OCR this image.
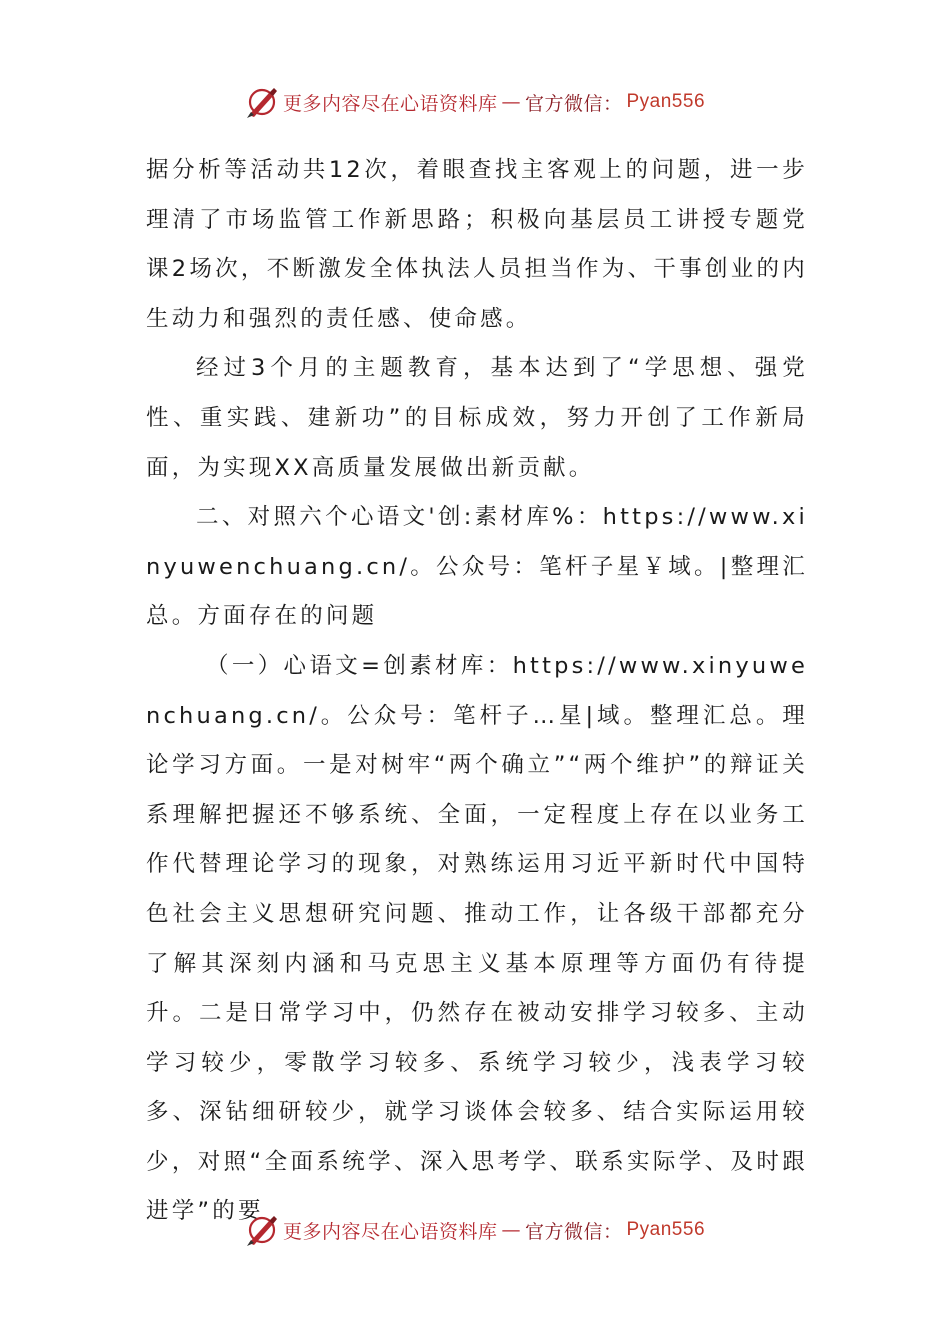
更多内容尽在心语资料库 — 官方微信： Pyan556

据分析等活动共12次，着眼查找主客观上的问题，进一步理清了市场监管工作新思路；积极向基层员工讲授专题党课2场次，不断激发全体执法人员担当作为、干事创业的内生动力和强烈的责任感、使命感。

经过3个月的主题教育，基本达到了“学思想、强党性、重实践、建新功”的目标成效，努力开创了工作新局面，为实现XX高质量发展做出新贡献。

二、对照六个心语文'创:素材库%：https://www.xinyuwenchuang.cn/。公众号：笔杆子星￥域。|整理汇总。方面存在的问题

（一）心语文=创素材库：https://www.xinyuwenchuang.cn/。公众号：笔杆子…星|域。整理汇总。理论学习方面。一是对树牢“两个确立”“两个维护”的辩证关系理解把握还不够系统、全面，一定程度上存在以业务工作代替理论学习的现象，对熟练运用习近平新时代中国特色社会主义思想研究问题、推动工作，让各级干部都充分了解其深刻内涵和马克思主义基本原理等方面仍有待提升。二是日常学习中，仍然存在被动安排学习较多、主动学习较少，零散学习较多、系统学习较少，浅表学习较多、深钻细研较少，就学习谈体会较多、结合实际运用较少，对照“全面系统学、深入思考学、联系实际学、及时跟进学”的要

更多内容尽在心语资料库 — 官方微信： Pyan556
